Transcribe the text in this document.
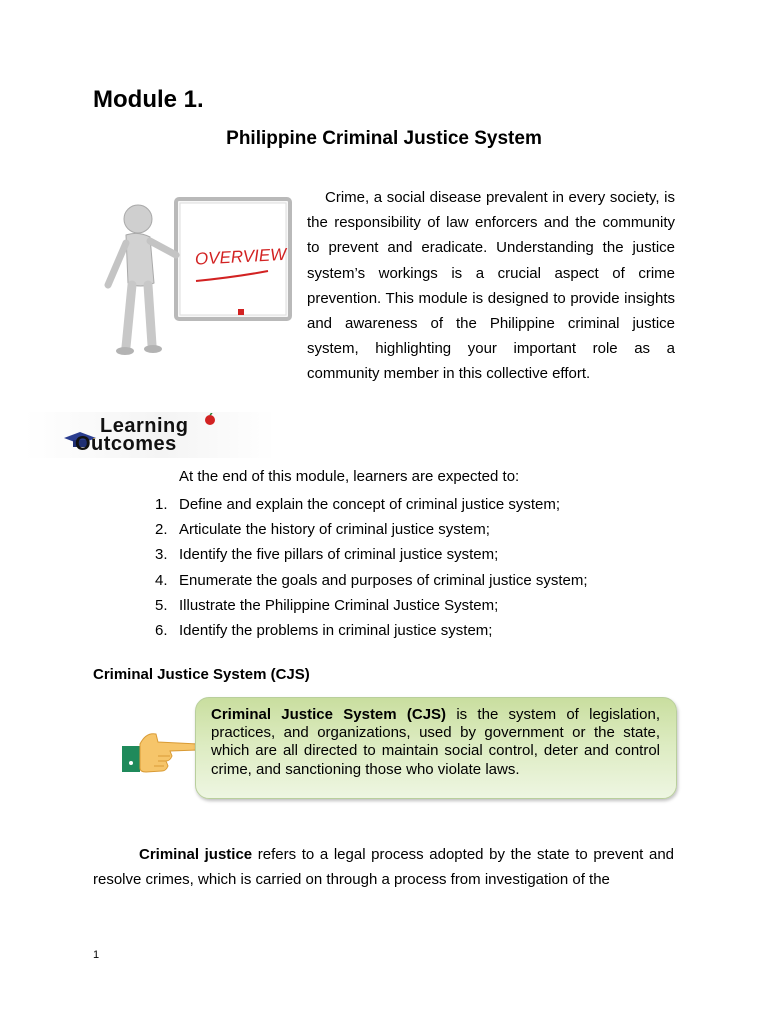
Module 1.
Philippine Criminal Justice System
OVERVIEW
Crime, a social disease prevalent in every society, is the responsibility of law enforcers and the community to prevent and eradicate. Understanding the justice system’s workings is a crucial aspect of crime prevention. This module is designed to provide insights and awareness of the Philippine criminal justice system, highlighting your important role as a community member in this collective effort.
Learning
Outcomes
At the end of this module, learners are expected to:
1. Define and explain the concept of criminal justice system;
2. Articulate the history of criminal justice system;
3. Identify the five pillars of criminal justice system;
4. Enumerate the goals and purposes of criminal justice system;
5. Illustrate the Philippine Criminal Justice System;
6. Identify the problems in criminal justice system;
Criminal Justice System (CJS)
Criminal Justice System (CJS) is the system of legislation, practices, and organizations, used by government or the state, which are all directed to maintain social control, deter and control crime, and sanctioning those who violate laws.
Criminal justice refers to a legal process adopted by the state to prevent and resolve crimes, which is carried on through a process from investigation of the
1
